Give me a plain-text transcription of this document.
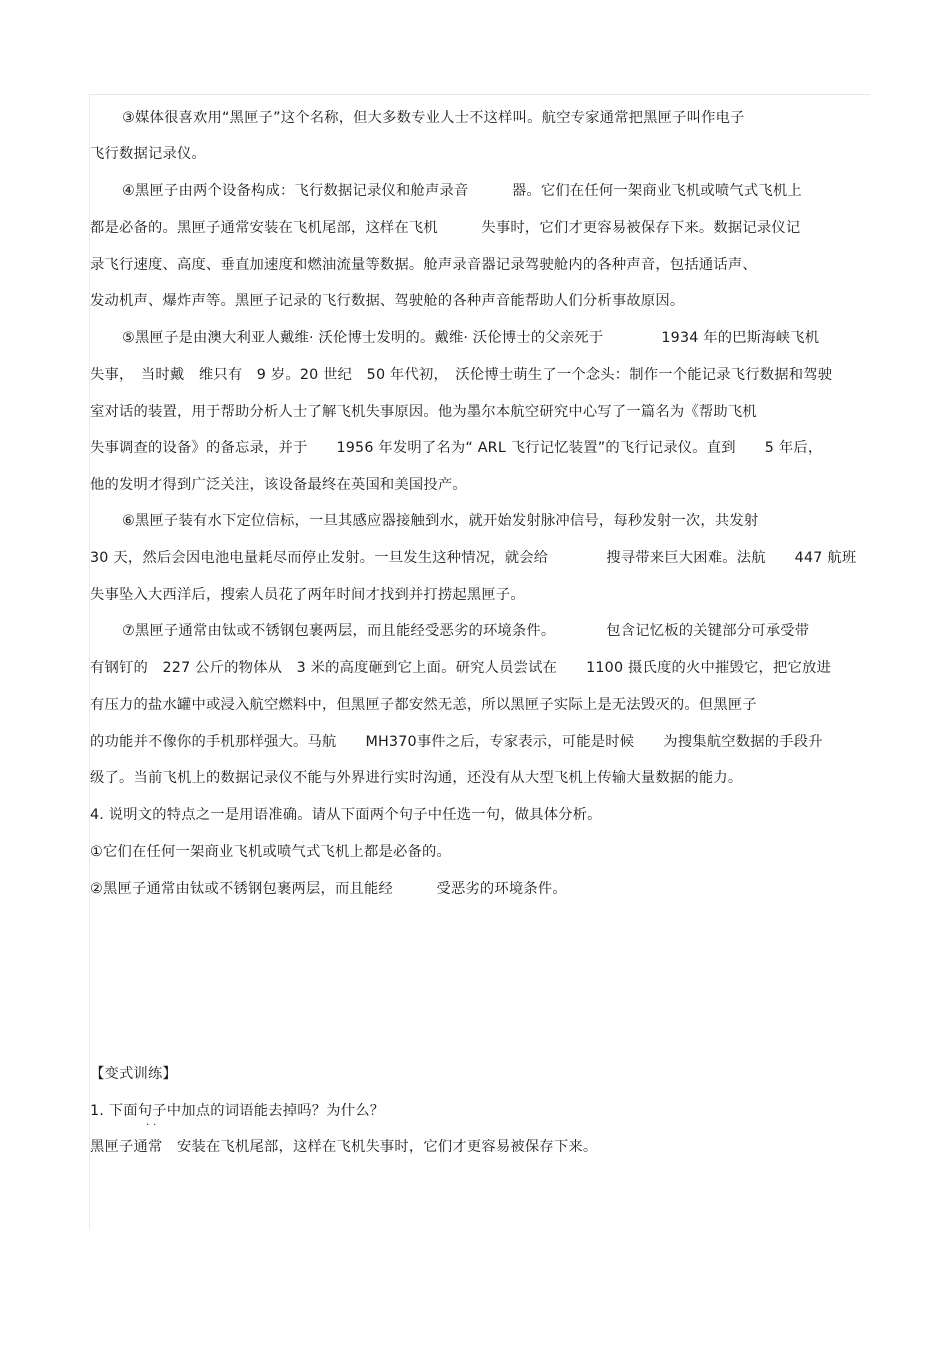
③媒体很喜欢用“黑匣子”这个名称，但大多数专业人士不这样叫。航空专家通常把黑匣子叫作电子
飞行数据记录仪。
④黑匣子由两个设备构成：飞行数据记录仪和舱声录音　　　器。它们在任何一架商业飞机或喷气式飞机上
都是必备的。黑匣子通常安装在飞机尾部，这样在飞机　　　失事时，它们才更容易被保存下来。数据记录仪记
录飞行速度、高度、垂直加速度和燃油流量等数据。舱声录音器记录驾驶舱内的各种声音，包括通话声、
发动机声、爆炸声等。黑匣子记录的飞行数据、驾驶舱的各种声音能帮助人们分析事故原因。
⑤黑匣子是由澳大利亚人戴维· 沃伦博士发明的。戴维· 沃伦博士的父亲死于　　　　1934 年的巴斯海峡飞机
失事，　当时戴　维只有　9 岁。20 世纪　50 年代初，　沃伦博士萌生了一个念头：制作一个能记录飞行数据和驾驶
室对话的装置，用于帮助分析人士了解飞机失事原因。他为墨尔本航空研究中心写了一篇名为《帮助飞机
失事调查的设备》的备忘录，并于　　1956 年发明了名为“ ARL 飞行记忆装置”的飞行记录仪。直到　　5 年后，
他的发明才得到广泛关注，该设备最终在英国和美国投产。
⑥黑匣子装有水下定位信标，一旦其感应器接触到水，就开始发射脉冲信号，每秒发射一次，共发射
30 天，然后会因电池电量耗尽而停止发射。一旦发生这种情况，就会给　　　　搜寻带来巨大困难。法航　　447 航班
失事坠入大西洋后，搜索人员花了两年时间才找到并打捞起黑匣子。
⑦黑匣子通常由钛或不锈钢包裹两层，而且能经受恶劣的环境条件。　　　　包含记忆板的关键部分可承受带
有钢钉的　227 公斤的物体从　3 米的高度砸到它上面。研究人员尝试在　　1100 摄氏度的火中摧毁它，把它放进
有压力的盐水罐中或浸入航空燃料中，但黑匣子都安然无恙，所以黑匣子实际上是无法毁灭的。但黑匣子
的功能并不像你的手机那样强大。马航　　MH370事件之后，专家表示，可能是时候　　为搜集航空数据的手段升
级了。当前飞机上的数据记录仪不能与外界进行实时沟通，还没有从大型飞机上传输大量数据的能力。
4. 说明文的特点之一是用语准确。请从下面两个句子中任选一句，做具体分析。
①它们在任何一架商业飞机或喷气式飞机上都是必备的。
②黑匣子通常由钛或不锈钢包裹两层，而且能经　　　受恶劣的环境条件。
【变式训练】
1. 下面句子中加点的词语能去掉吗？为什么？
··
黑匣子通常　安装在飞机尾部，这样在飞机失事时，它们才更容易被保存下来。
